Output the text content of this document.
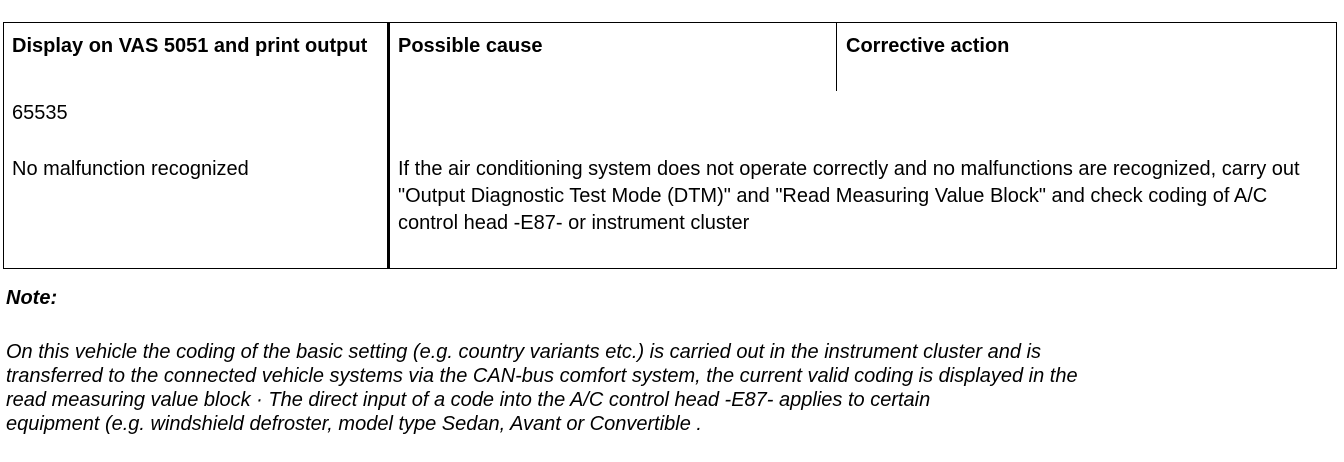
Display on VAS 5051 and print output	Possible cause	Corrective action
65535
No malfunction recognized	If the air conditioning system does not operate correctly and no malfunctions are recognized, carry out "Output Diagnostic Test Mode (DTM)" and "Read Measuring Value Block" and check coding of A/C control head -E87- or instrument cluster
Note:
On this vehicle the coding of the basic setting (e.g. country variants etc.) is carried out in the instrument cluster and is
transferred to the connected vehicle systems via the CAN-bus comfort system, the current valid coding is displayed in the
read measuring value block · The direct input of a code into the A/C control head -E87- applies to certain
equipment (e.g. windshield defroster, model type Sedan, Avant or Convertible .
